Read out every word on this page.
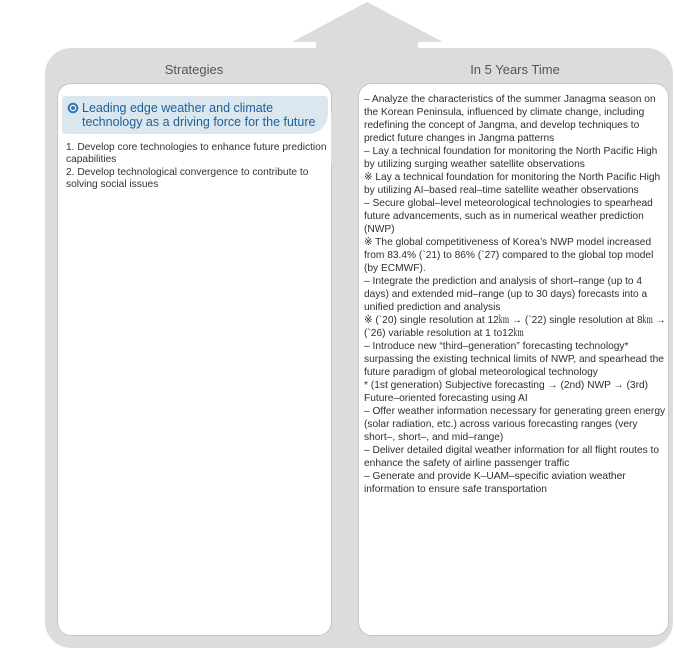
Strategies	In 5 Years Time
Leading edge weather and climate technology as a driving force for the future
1. Develop core technologies to enhance future prediction capabilities
2. Develop technological convergence to contribute to solving social issues
– Analyze the characteristics of the summer Janagma season on the Korean Peninsula, influenced by climate change, including redefining the concept of Jangma, and develop techniques to predict future changes in Jangma patterns
– Lay a technical foundation for monitoring the North Pacific High by utilizing surging weather satellite observations
※ Lay a technical foundation for monitoring the North Pacific High by utilizing AI–based real–time satellite weather observations
– Secure global–level meteorological technologies to spearhead future advancements, such as in numerical weather prediction (NWP)
※ The global competitiveness of Korea’s NWP model increased from 83.4% (`21) to 86% (`27) compared to the global top model (by ECMWF).
– Integrate the prediction and analysis of short–range (up to 4 days) and extended mid–range (up to 30 days) forecasts into a unified prediction and analysis
※ (`20) single resolution at 12㎞ → (`22) single resolution at 8㎞ → (`26) variable resolution at 1 to12㎞
– Introduce new “third–generation” forecasting technology* surpassing the existing technical limits of NWP, and spearhead the future paradigm of global meteorological technology
* (1st generation) Subjective forecasting → (2nd) NWP → (3rd) Future–oriented forecasting using AI
– Offer weather information necessary for generating green energy (solar radiation, etc.) across various forecasting ranges (very short–, short–, and mid–range)
– Deliver detailed digital weather information for all flight routes to enhance the safety of airline passenger traffic
– Generate and provide K–UAM–specific aviation weather information to ensure safe transportation
